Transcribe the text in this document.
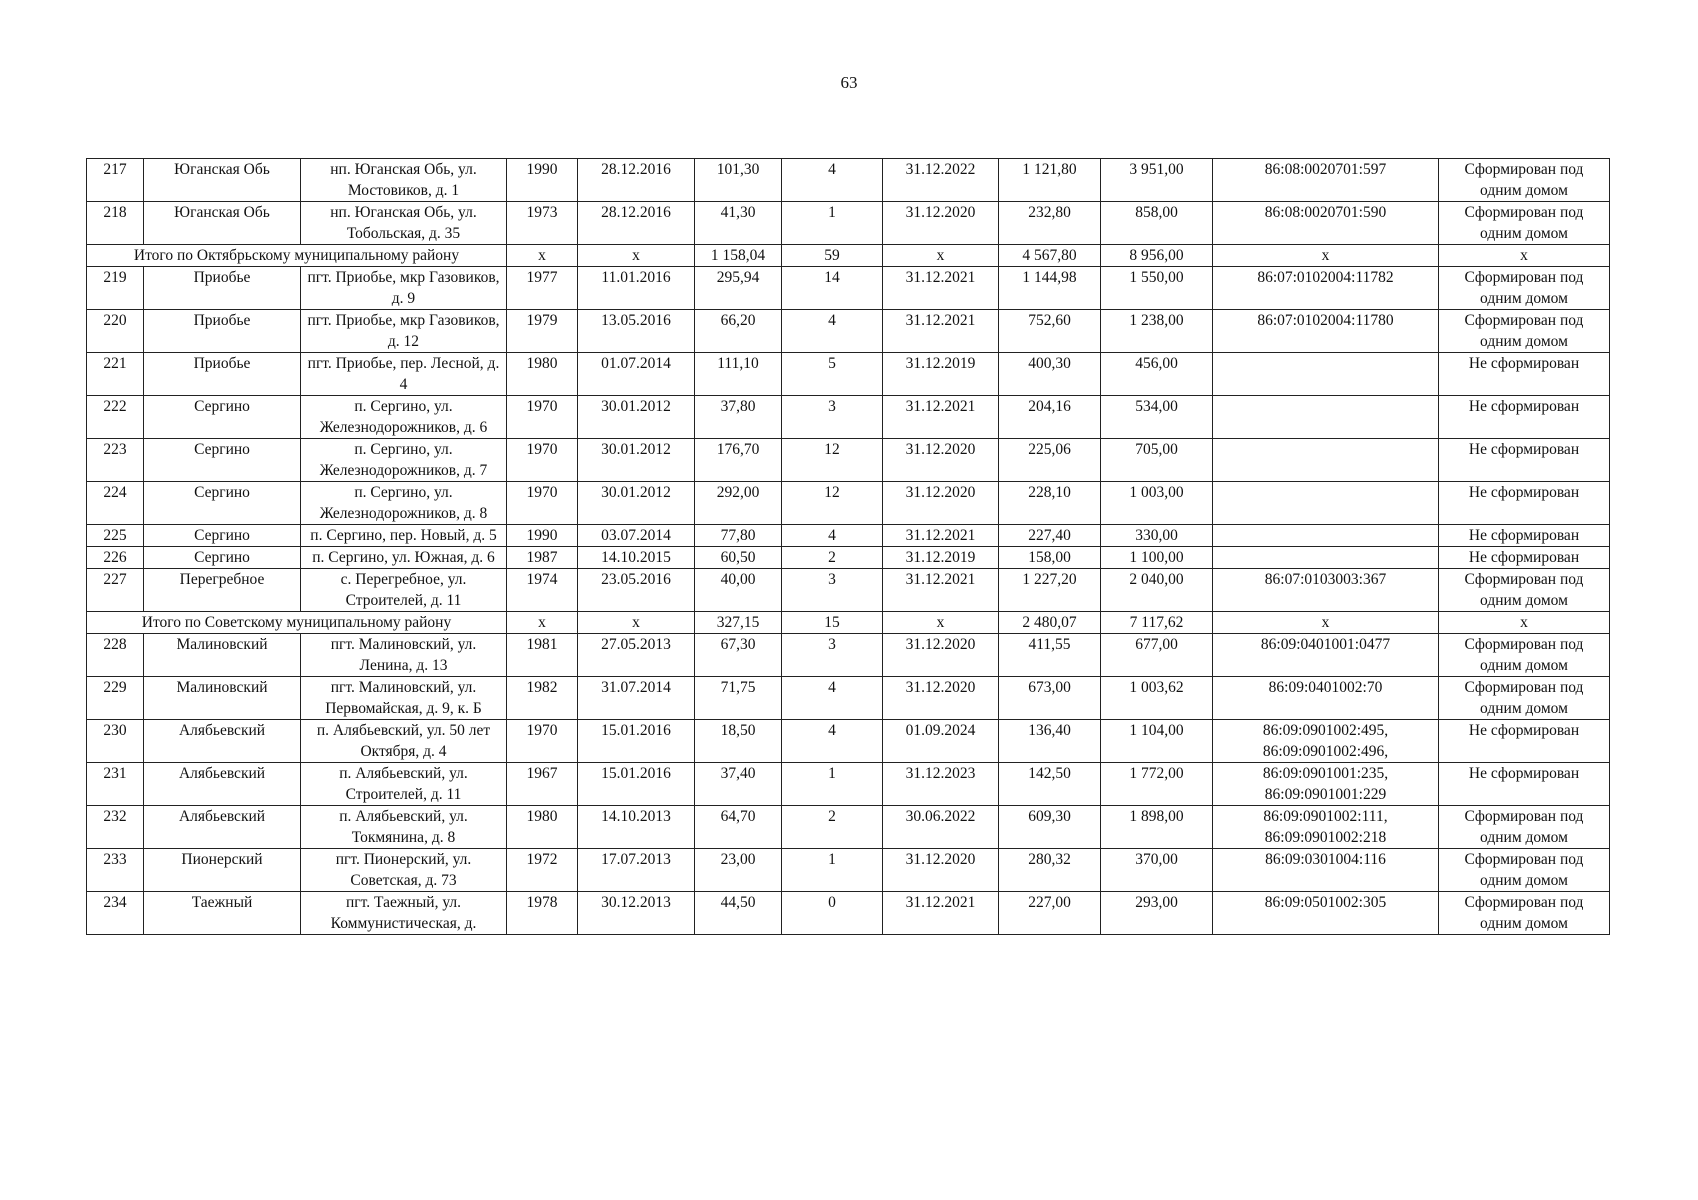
63
217	Юганская Обь	нп. Юганская Обь, ул. Мостовиков, д. 1	1990	28.12.2016	101,30	4	31.12.2022	1 121,80	3 951,00	86:08:0020701:597	Сформирован под одним домом
218	Юганская Обь	нп. Юганская Обь, ул. Тобольская, д. 35	1973	28.12.2016	41,30	1	31.12.2020	232,80	858,00	86:08:0020701:590	Сформирован под одним домом
Итого по Октябрьскому муниципальному району			x	x	1 158,04	59	x	4 567,80	8 956,00	x	x
219	Приобье	пгт. Приобье, мкр Газовиков, д. 9	1977	11.01.2016	295,94	14	31.12.2021	1 144,98	1 550,00	86:07:0102004:11782	Сформирован под одним домом
220	Приобье	пгт. Приобье, мкр Газовиков, д. 12	1979	13.05.2016	66,20	4	31.12.2021	752,60	1 238,00	86:07:0102004:11780	Сформирован под одним домом
221	Приобье	пгт. Приобье, пер. Лесной, д. 4	1980	01.07.2014	111,10	5	31.12.2019	400,30	456,00		Не сформирован
222	Сергино	п. Сергино, ул. Железнодорожников, д. 6	1970	30.01.2012	37,80	3	31.12.2021	204,16	534,00		Не сформирован
223	Сергино	п. Сергино, ул. Железнодорожников, д. 7	1970	30.01.2012	176,70	12	31.12.2020	225,06	705,00		Не сформирован
224	Сергино	п. Сергино, ул. Железнодорожников, д. 8	1970	30.01.2012	292,00	12	31.12.2020	228,10	1 003,00		Не сформирован
225	Сергино	п. Сергино, пер. Новый, д. 5	1990	03.07.2014	77,80	4	31.12.2021	227,40	330,00		Не сформирован
226	Сергино	п. Сергино, ул. Южная, д. 6	1987	14.10.2015	60,50	2	31.12.2019	158,00	1 100,00		Не сформирован
227	Перегребное	с. Перегребное, ул. Строителей, д. 11	1974	23.05.2016	40,00	3	31.12.2021	1 227,20	2 040,00	86:07:0103003:367	Сформирован под одним домом
Итого по Советскому муниципальному району			x	x	327,15	15	x	2 480,07	7 117,62	x	x
228	Малиновский	пгт. Малиновский, ул. Ленина, д. 13	1981	27.05.2013	67,30	3	31.12.2020	411,55	677,00	86:09:0401001:0477	Сформирован под одним домом
229	Малиновский	пгт. Малиновский, ул. Первомайская, д. 9, к. Б	1982	31.07.2014	71,75	4	31.12.2020	673,00	1 003,62	86:09:0401002:70	Сформирован под одним домом
230	Алябьевский	п. Алябьевский, ул. 50 лет Октября, д. 4	1970	15.01.2016	18,50	4	01.09.2024	136,40	1 104,00	86:09:0901002:495, 86:09:0901002:496,	Не сформирован
231	Алябьевский	п. Алябьевский, ул. Строителей, д. 11	1967	15.01.2016	37,40	1	31.12.2023	142,50	1 772,00	86:09:0901001:235, 86:09:0901001:229	Не сформирован
232	Алябьевский	п. Алябьевский, ул. Токмянина, д. 8	1980	14.10.2013	64,70	2	30.06.2022	609,30	1 898,00	86:09:0901002:111, 86:09:0901002:218	Сформирован под одним домом
233	Пионерский	пгт. Пионерский, ул. Советская, д. 73	1972	17.07.2013	23,00	1	31.12.2020	280,32	370,00	86:09:0301004:116	Сформирован под одним домом
234	Таежный	пгт. Таежный, ул. Коммунистическая, д.	1978	30.12.2013	44,50	0	31.12.2021	227,00	293,00	86:09:0501002:305	Сформирован под одним домом
